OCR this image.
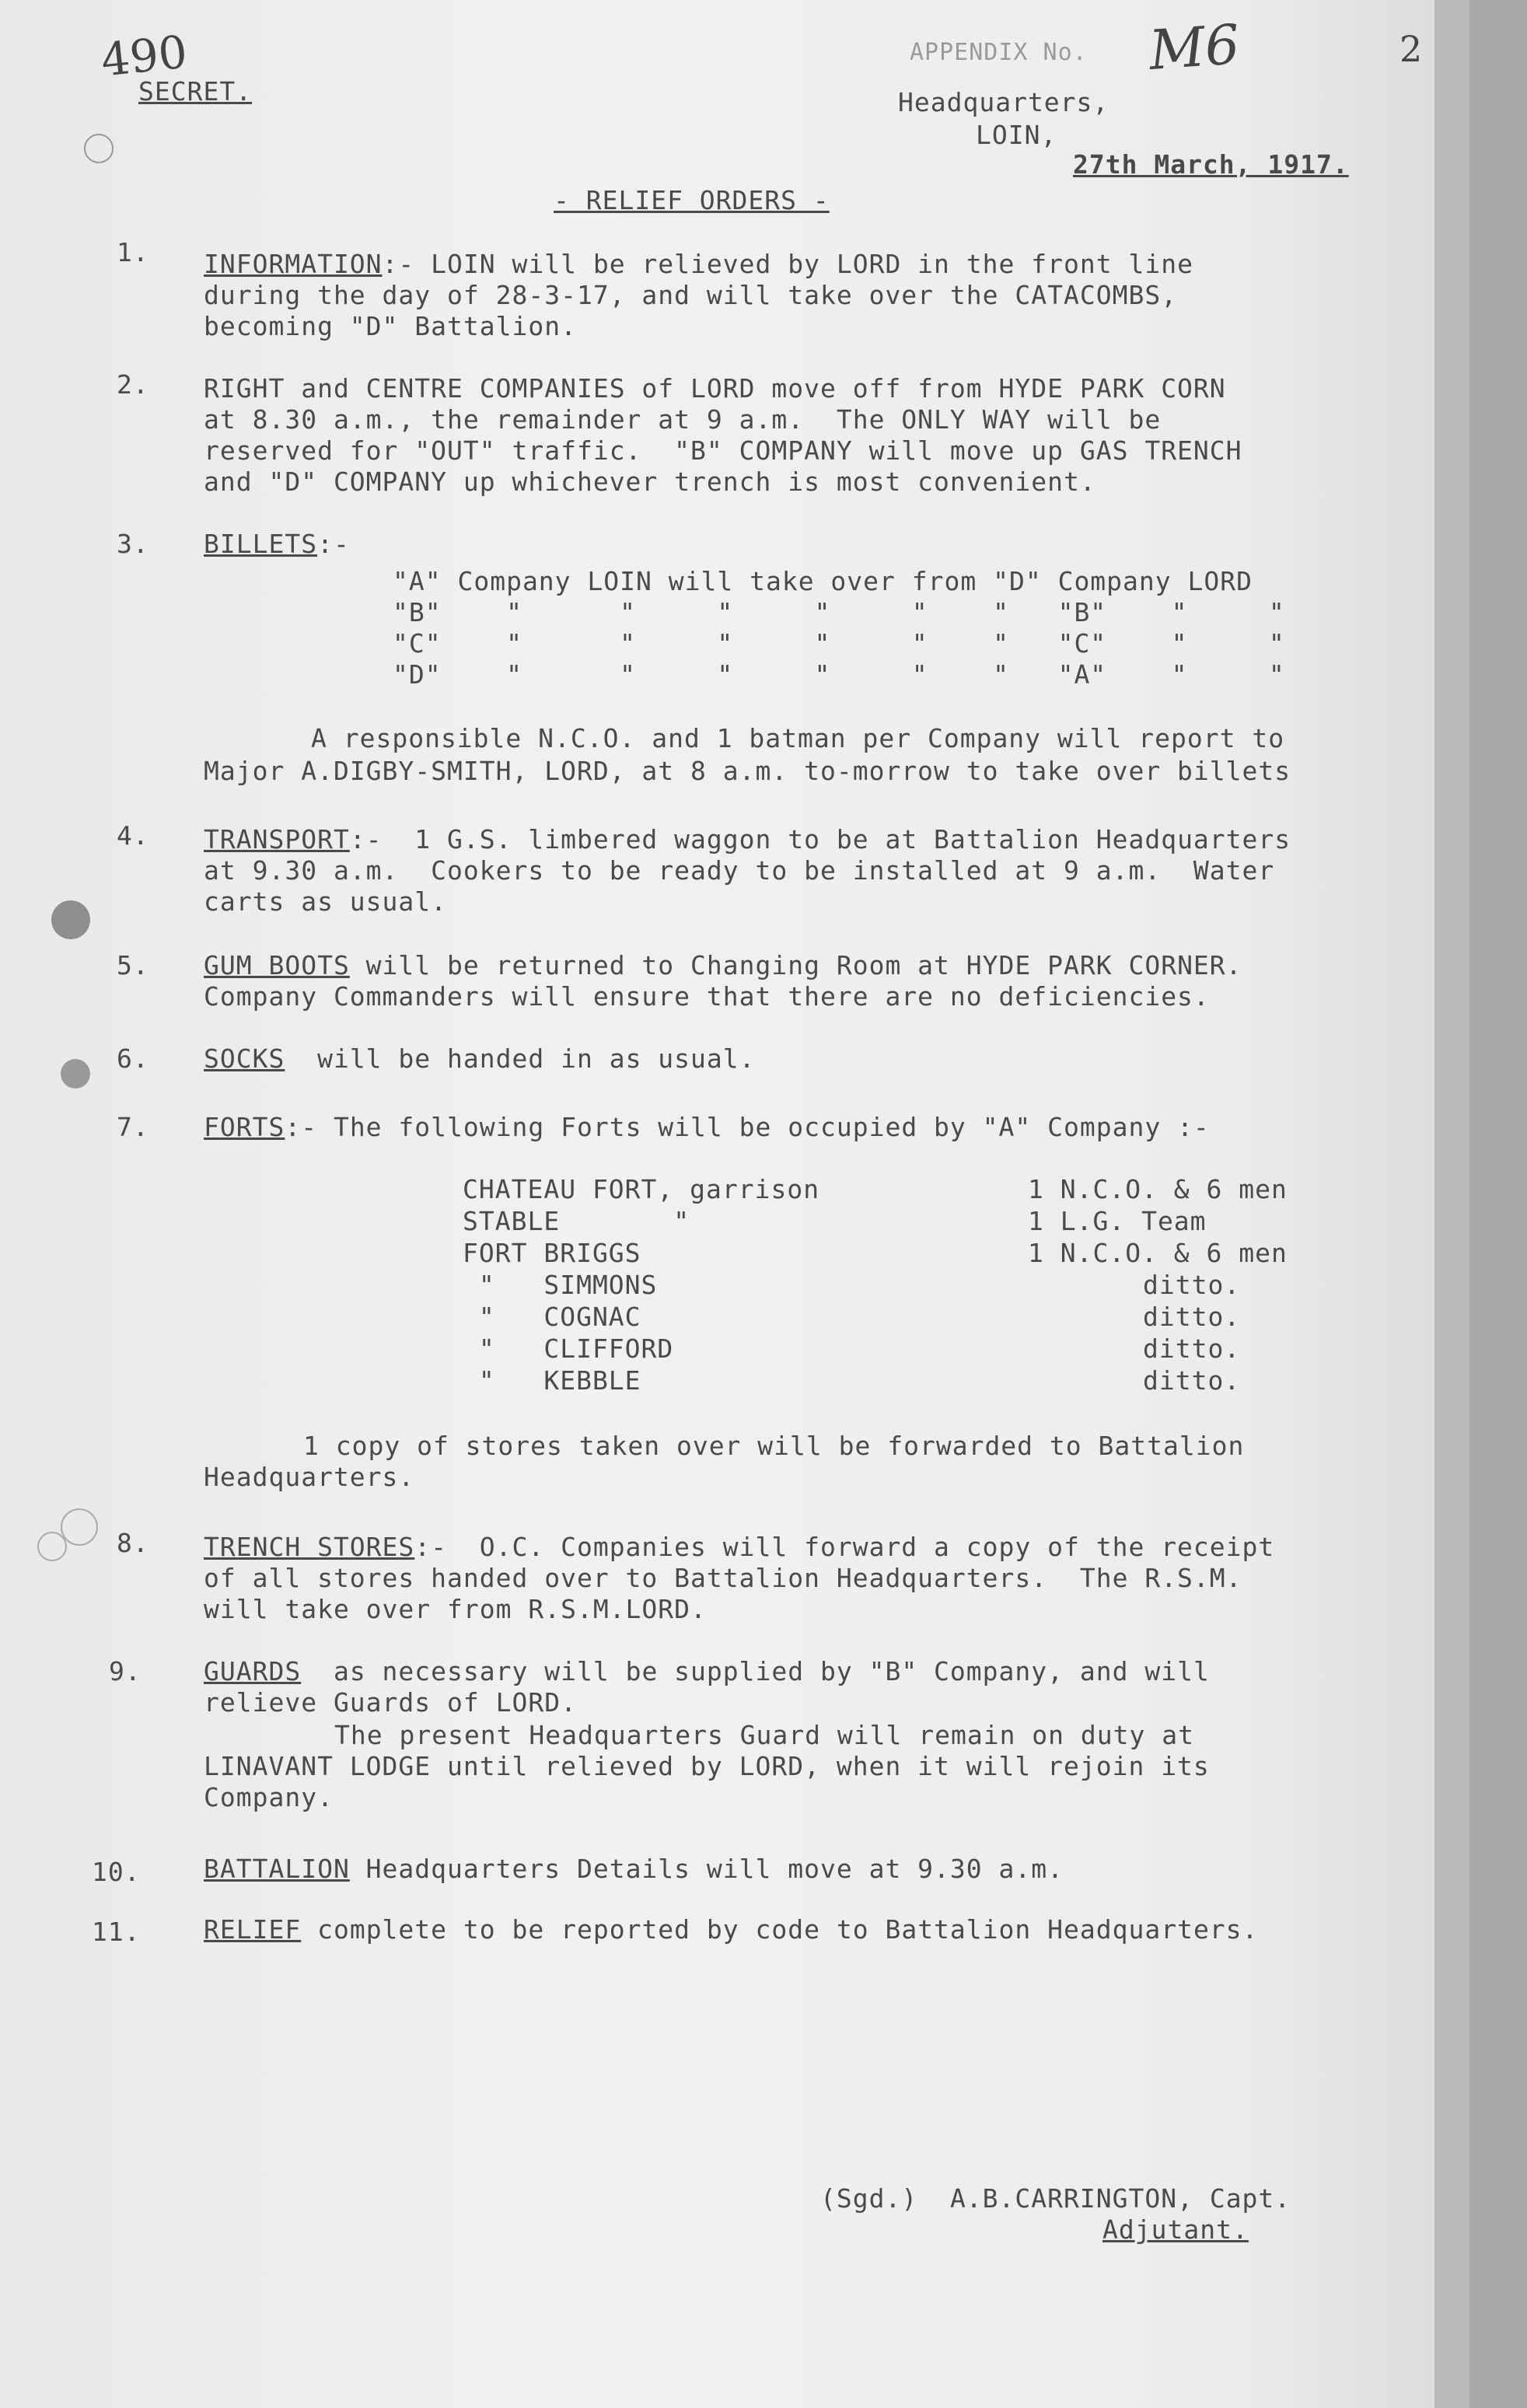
490	M6	2
SECRET.
APPENDIX No.
Headquarters,
LOIN,
27th March, 1917.
- RELIEF ORDERS -
1. INFORMATION:- LOIN will be relieved by LORD in the front line
during the day of 28-3-17, and will take over the CATACOMBS,
becoming "D" Battalion.
2. RIGHT and CENTRE COMPANIES of LORD move off from HYDE PARK CORN
at 8.30 a.m., the remainder at 9 a.m.  The ONLY WAY will be
reserved for "OUT" traffic.  "B" COMPANY will move up GAS TRENCH
and "D" COMPANY up whichever trench is most convenient.
3. BILLETS:-
"A" Company LOIN will take over from "D" Company LORD
"B"    "      "     "     "     "    "   "B"    "     "
"C"    "      "     "     "     "    "   "C"    "     "
"D"    "      "     "     "     "    "   "A"    "     "
A responsible N.C.O. and 1 batman per Company will report to
Major A.DIGBY-SMITH, LORD, at 8 a.m. to-morrow to take over billets
4. TRANSPORT:-  1 G.S. limbered waggon to be at Battalion Headquarters
at 9.30 a.m.  Cookers to be ready to be installed at 9 a.m.  Water
carts as usual.
5. GUM BOOTS will be returned to Changing Room at HYDE PARK CORNER.
Company Commanders will ensure that there are no deficiencies.
6. SOCKS  will be handed in as usual.
7. FORTS:- The following Forts will be occupied by "A" Company :-
CHATEAU FORT, garrison	1 N.C.O. & 6 men
STABLE       "	1 L.G. Team
FORT BRIGGS	1 N.C.O. & 6 men
"   SIMMONS	ditto.
"   COGNAC	ditto.
"   CLIFFORD	ditto.
"   KEBBLE	ditto.
1 copy of stores taken over will be forwarded to Battalion
Headquarters.
8. TRENCH STORES:-  O.C. Companies will forward a copy of the receipt
of all stores handed over to Battalion Headquarters.  The R.S.M.
will take over from R.S.M.LORD.
9. GUARDS  as necessary will be supplied by "B" Company, and will
relieve Guards of LORD.
The present Headquarters Guard will remain on duty at
LINAVANT LODGE until relieved by LORD, when it will rejoin its
Company.
10. BATTALION Headquarters Details will move at 9.30 a.m.
11. RELIEF complete to be reported by code to Battalion Headquarters.
(Sgd.)  A.B.CARRINGTON, Capt.
Adjutant.
